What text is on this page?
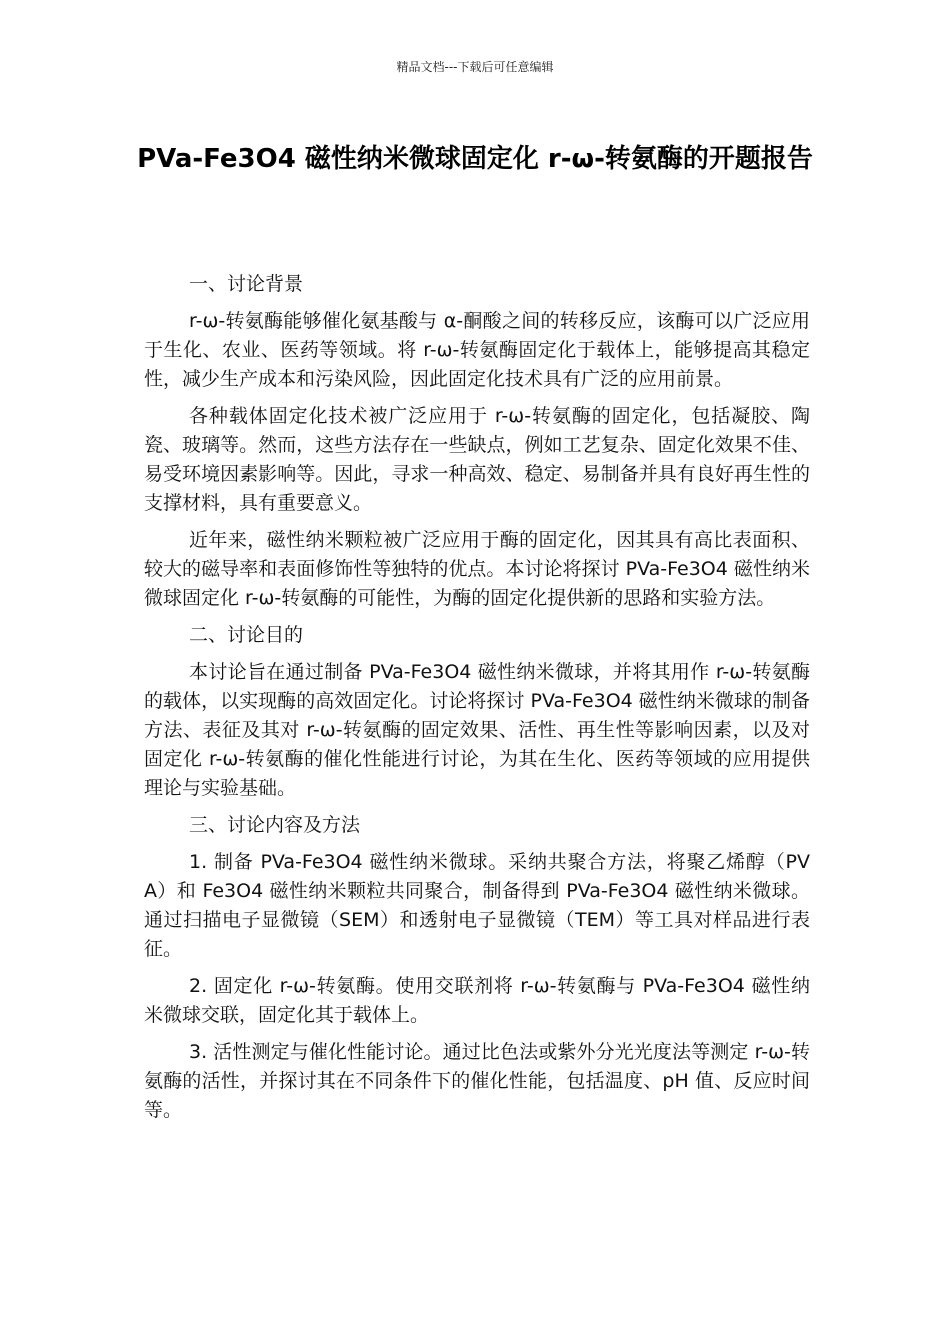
精品文档---下载后可任意编辑
PVa-Fe3O4 磁性纳米微球固定化 r-ω-转氨酶的开题报告

一、讨论背景

r-ω-转氨酶能够催化氨基酸与 α-酮酸之间的转移反应，该酶可以广泛应用于生化、农业、医药等领域。将 r-ω-转氨酶固定化于载体上，能够提高其稳定性，减少生产成本和污染风险，因此固定化技术具有广泛的应用前景。

各种载体固定化技术被广泛应用于 r-ω-转氨酶的固定化，包括凝胶、陶瓷、玻璃等。然而，这些方法存在一些缺点，例如工艺复杂、固定化效果不佳、易受环境因素影响等。因此，寻求一种高效、稳定、易制备并具有良好再生性的支撑材料，具有重要意义。

近年来，磁性纳米颗粒被广泛应用于酶的固定化，因其具有高比表面积、较大的磁导率和表面修饰性等独特的优点。本讨论将探讨 PVa-Fe3O4 磁性纳米微球固定化 r-ω-转氨酶的可能性，为酶的固定化提供新的思路和实验方法。

二、讨论目的

本讨论旨在通过制备 PVa-Fe3O4 磁性纳米微球，并将其用作 r-ω-转氨酶的载体，以实现酶的高效固定化。讨论将探讨 PVa-Fe3O4 磁性纳米微球的制备方法、表征及其对 r-ω-转氨酶的固定效果、活性、再生性等影响因素，以及对固定化 r-ω-转氨酶的催化性能进行讨论，为其在生化、医药等领域的应用提供理论与实验基础。

三、讨论内容及方法

1. 制备 PVa-Fe3O4 磁性纳米微球。采纳共聚合方法，将聚乙烯醇（PVA）和 Fe3O4 磁性纳米颗粒共同聚合，制备得到 PVa-Fe3O4 磁性纳米微球。通过扫描电子显微镜（SEM）和透射电子显微镜（TEM）等工具对样品进行表征。

2. 固定化 r-ω-转氨酶。使用交联剂将 r-ω-转氨酶与 PVa-Fe3O4 磁性纳米微球交联，固定化其于载体上。

3. 活性测定与催化性能讨论。通过比色法或紫外分光光度法等测定 r-ω-转氨酶的活性，并探讨其在不同条件下的催化性能，包括温度、pH 值、反应时间等。
